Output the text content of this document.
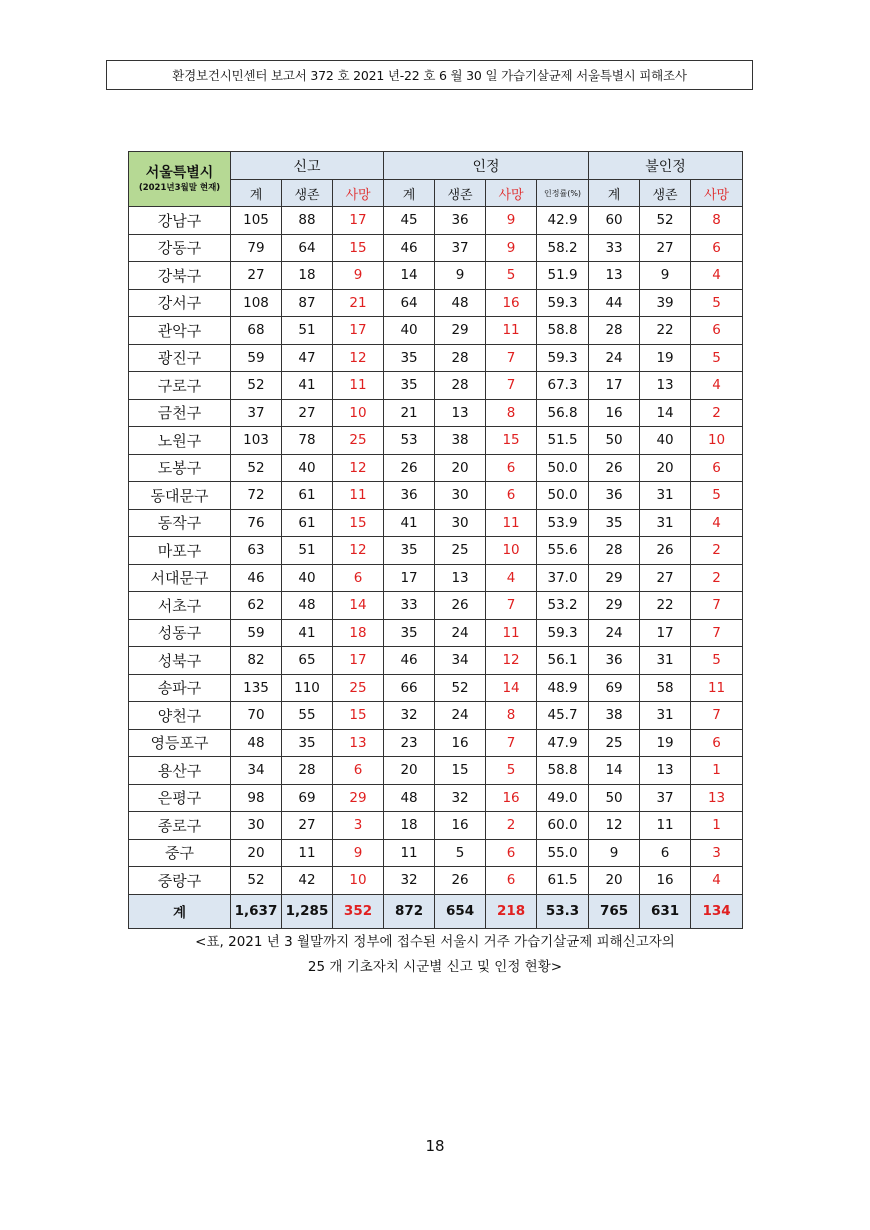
환경보건시민센터 보고서 372 호 2021 년-22 호 6 월 30 일 가습기살균제 서울특별시 피해조사
서울특별시
(2021년3월말 현재)	신고			인정				불인정		
	계	생존	사망	계	생존	사망	인정률(%)	계	생존	사망
강남구	105	88	17	45	36	9	42.9	60	52	8
강동구	79	64	15	46	37	9	58.2	33	27	6
강북구	27	18	9	14	9	5	51.9	13	9	4
강서구	108	87	21	64	48	16	59.3	44	39	5
관악구	68	51	17	40	29	11	58.8	28	22	6
광진구	59	47	12	35	28	7	59.3	24	19	5
구로구	52	41	11	35	28	7	67.3	17	13	4
금천구	37	27	10	21	13	8	56.8	16	14	2
노원구	103	78	25	53	38	15	51.5	50	40	10
도봉구	52	40	12	26	20	6	50.0	26	20	6
동대문구	72	61	11	36	30	6	50.0	36	31	5
동작구	76	61	15	41	30	11	53.9	35	31	4
마포구	63	51	12	35	25	10	55.6	28	26	2
서대문구	46	40	6	17	13	4	37.0	29	27	2
서초구	62	48	14	33	26	7	53.2	29	22	7
성동구	59	41	18	35	24	11	59.3	24	17	7
성북구	82	65	17	46	34	12	56.1	36	31	5
송파구	135	110	25	66	52	14	48.9	69	58	11
양천구	70	55	15	32	24	8	45.7	38	31	7
영등포구	48	35	13	23	16	7	47.9	25	19	6
용산구	34	28	6	20	15	5	58.8	14	13	1
은평구	98	69	29	48	32	16	49.0	50	37	13
종로구	30	27	3	18	16	2	60.0	12	11	1
중구	20	11	9	11	5	6	55.0	9	6	3
중랑구	52	42	10	32	26	6	61.5	20	16	4
계	1,637	1,285	352	872	654	218	53.3	765	631	134
<표, 2021 년 3 월말까지 정부에 접수된 서울시 거주 가습기살균제 피해신고자의
25 개 기초자치 시군별 신고 및 인정 현황>
18
